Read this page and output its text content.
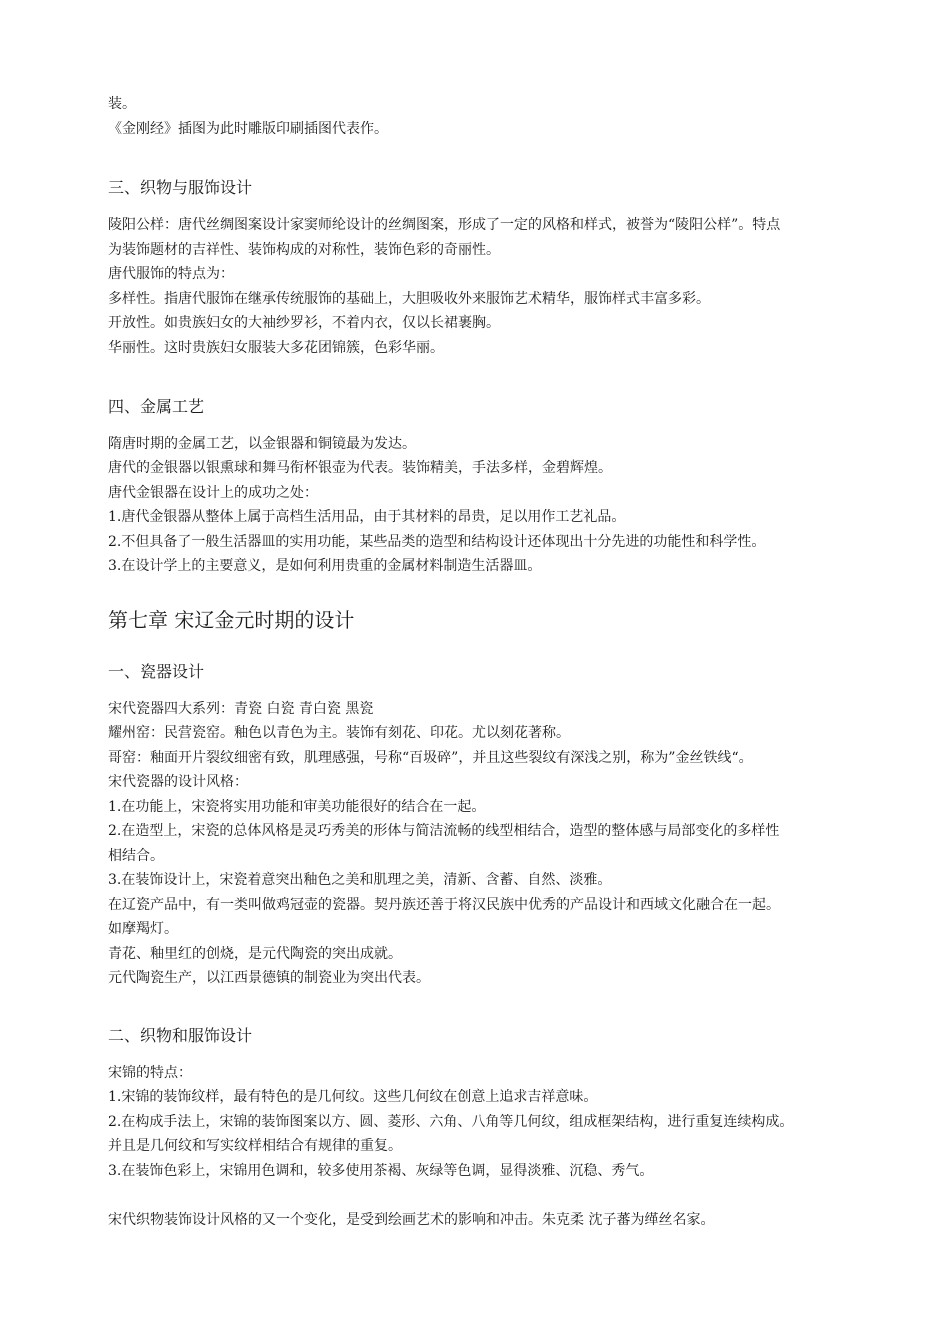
装。
《金刚经》插图为此时雕版印刷插图代表作。
三、织物与服饰设计
陵阳公样：唐代丝绸图案设计家窦师纶设计的丝绸图案，形成了一定的风格和样式，被誉为“陵阳公样”。特点
为装饰题材的吉祥性、装饰构成的对称性，装饰色彩的奇丽性。
唐代服饰的特点为：
多样性。指唐代服饰在继承传统服饰的基础上，大胆吸收外来服饰艺术精华，服饰样式丰富多彩。
开放性。如贵族妇女的大袖纱罗衫，不着内衣，仅以长裙裹胸。
华丽性。这时贵族妇女服装大多花团锦簇，色彩华丽。
四、金属工艺
隋唐时期的金属工艺，以金银器和铜镜最为发达。
唐代的金银器以银熏球和舞马衔杯银壶为代表。装饰精美，手法多样，金碧辉煌。
唐代金银器在设计上的成功之处：
1.唐代金银器从整体上属于高档生活用品，由于其材料的昂贵，足以用作工艺礼品。
2.不但具备了一般生活器皿的实用功能，某些品类的造型和结构设计还体现出十分先进的功能性和科学性。
3.在设计学上的主要意义，是如何利用贵重的金属材料制造生活器皿。
第七章 宋辽金元时期的设计
一、瓷器设计
宋代瓷器四大系列：青瓷 白瓷 青白瓷 黑瓷
耀州窑：民营瓷窑。釉色以青色为主。装饰有刻花、印花。尤以刻花著称。
哥窑：釉面开片裂纹细密有致，肌理感强，号称“百圾碎”，并且这些裂纹有深浅之别，称为”金丝铁线“。
宋代瓷器的设计风格：
1.在功能上，宋瓷将实用功能和审美功能很好的结合在一起。
2.在造型上，宋瓷的总体风格是灵巧秀美的形体与简洁流畅的线型相结合，造型的整体感与局部变化的多样性
相结合。
3.在装饰设计上，宋瓷着意突出釉色之美和肌理之美，清新、含蓄、自然、淡雅。
在辽瓷产品中，有一类叫做鸡冠壶的瓷器。契丹族还善于将汉民族中优秀的产品设计和西域文化融合在一起。
如摩羯灯。
青花、釉里红的创烧，是元代陶瓷的突出成就。
元代陶瓷生产，以江西景德镇的制瓷业为突出代表。
二、织物和服饰设计
宋锦的特点：
1.宋锦的装饰纹样，最有特色的是几何纹。这些几何纹在创意上追求吉祥意味。
2.在构成手法上，宋锦的装饰图案以方、圆、菱形、六角、八角等几何纹，组成框架结构，进行重复连续构成。
并且是几何纹和写实纹样相结合有规律的重复。
3.在装饰色彩上，宋锦用色调和，较多使用茶褐、灰绿等色调，显得淡雅、沉稳、秀气。
宋代织物装饰设计风格的又一个变化，是受到绘画艺术的影响和冲击。朱克柔 沈子蕃为缂丝名家。
